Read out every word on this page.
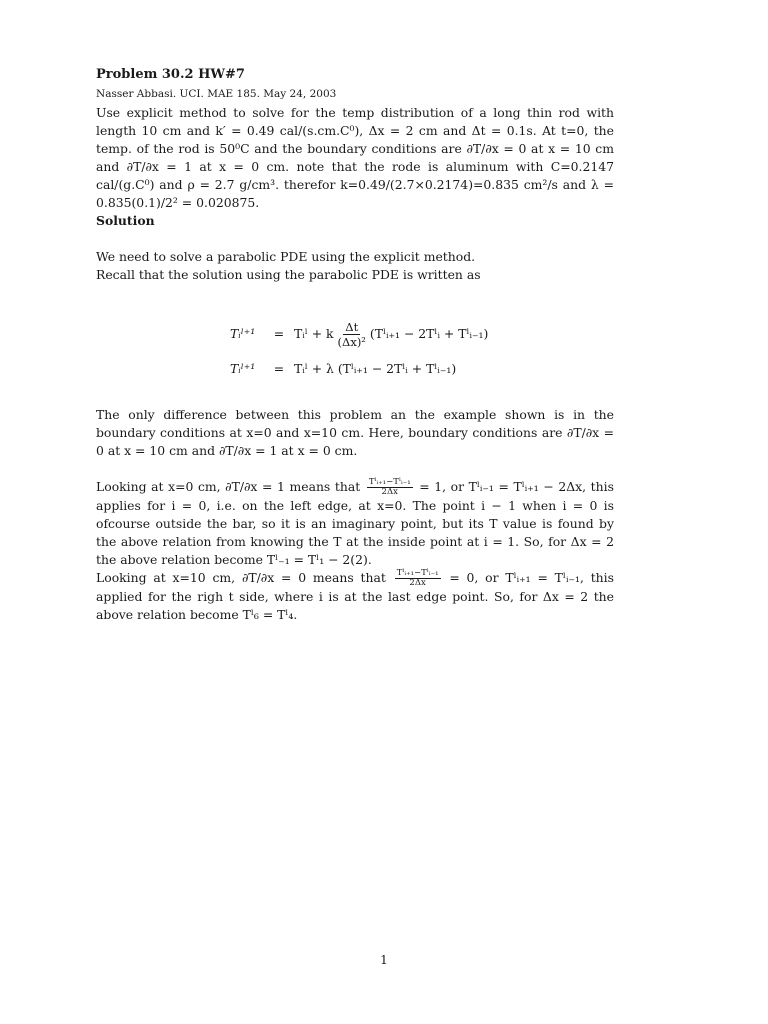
Problem 30.2 HW#7

Nasser Abbasi. UCI. MAE 185. May 24, 2003

Use explicit method to solve for the temp distribution of a long thin rod with length 10 cm and k′ = 0.49 cal/(s.cm.C⁰), Δx = 2 cm and Δt = 0.1s. At t=0, the temp. of the rod is 50⁰C and the boundary conditions are ∂T/∂x = 0 at x = 10 cm and ∂T/∂x = 1 at x = 0 cm. note that the rode is aluminum with C=0.2147 cal/(g.C⁰) and ρ = 2.7 g/cm³. therefor k=0.49/(2.7×0.2174)=0.835 cm²/s and λ = 0.835(0.1)/2² = 0.020875.

Solution

We need to solve a parabolic PDE using the explicit method.

Recall that the solution using the parabolic PDE is written as

Tᵢˡ⁺¹	= Tᵢˡ + k $\frac{\Delta t}{\text{(Δx)²}}$ (Tˡᵢ₊₁ − 2Tˡᵢ + Tˡᵢ₋₁)
Tᵢˡ⁺¹	= Tᵢˡ + λ (Tˡᵢ₊₁ − 2Tˡᵢ + Tˡᵢ₋₁)

The only difference between this problem an the example shown is in the boundary conditions at x=0 and x=10 cm. Here, boundary conditions are ∂T/∂x = 0 at x = 10 cm and ∂T/∂x = 1 at x = 0 cm.

Looking at x=0 cm, ∂T/∂x = 1 means that $\frac{\text{Tˡᵢ₊₁−Tˡᵢ₋₁}}{2\Delta x} = 1$, or Tˡᵢ₋₁ = Tˡᵢ₊₁ − 2Δx, this applies for i = 0, i.e. on the left edge, at x=0. The point i − 1 when i = 0 is ofcourse outside the bar, so it is an imaginary point, but its T value is found by the above relation from knowing the T at the inside point at i = 1. So, for Δx = 2 the above relation become Tˡ₋₁ = Tˡ₁ − 2(2).

Looking at x=10 cm, ∂T/∂x = 0 means that $\frac{\text{Tˡᵢ₊₁−Tˡᵢ₋₁}}{2\Delta x} = 0$, or Tˡᵢ₊₁ = Tˡᵢ₋₁, this applied for the righ t side, where i is at the last edge point. So, for Δx = 2 the above relation become Tˡ₆ = Tˡ₄.

1
